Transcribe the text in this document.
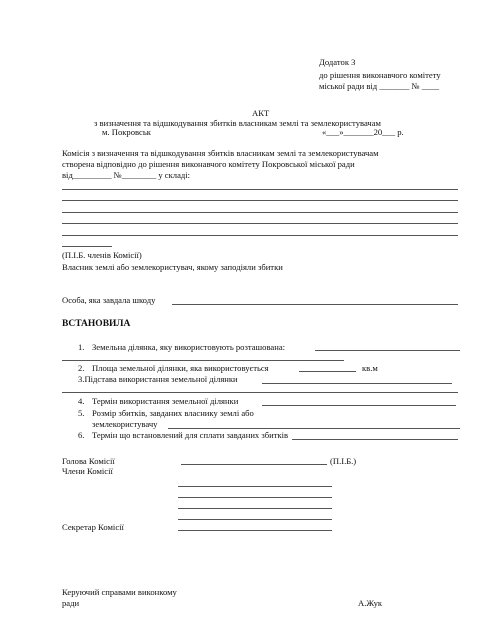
Додаток 3
до рішення виконавчого комітету
міської ради від _______ № ____
АКТ
з визначення та відшкодування збитків власникам землі та землекористувачам
м. Покровськ	«___»_______20___ р.
Комісія з визначення та відшкодування збитків власникам землі та землекористувачам
створена відповідно до рішення виконавчого комітету Покровської міської ради
від_________ №________ у складі:
(П.І.Б. членів Комісії)
Власник землі або землекористувач, якому заподіяли збитки
Особа, яка завдала шкоду
ВСТАНОВИЛА
1. Земельна ділянка, яку використовують розташована:
2. Площа земельної ділянки, яка використовується	кв.м
3.Підстава використання земельної ділянки
4. Термін використання земельної ділянки
5. Розмір збитків, завданих власнику землі або
землекористувачу
6. Термін що встановлений для сплати завданих збитків
Голова Комісії	(П.І.Б.)
Члени Комісії
Секретар Комісії
Керуючий справами виконкому
ради	А.Жук
